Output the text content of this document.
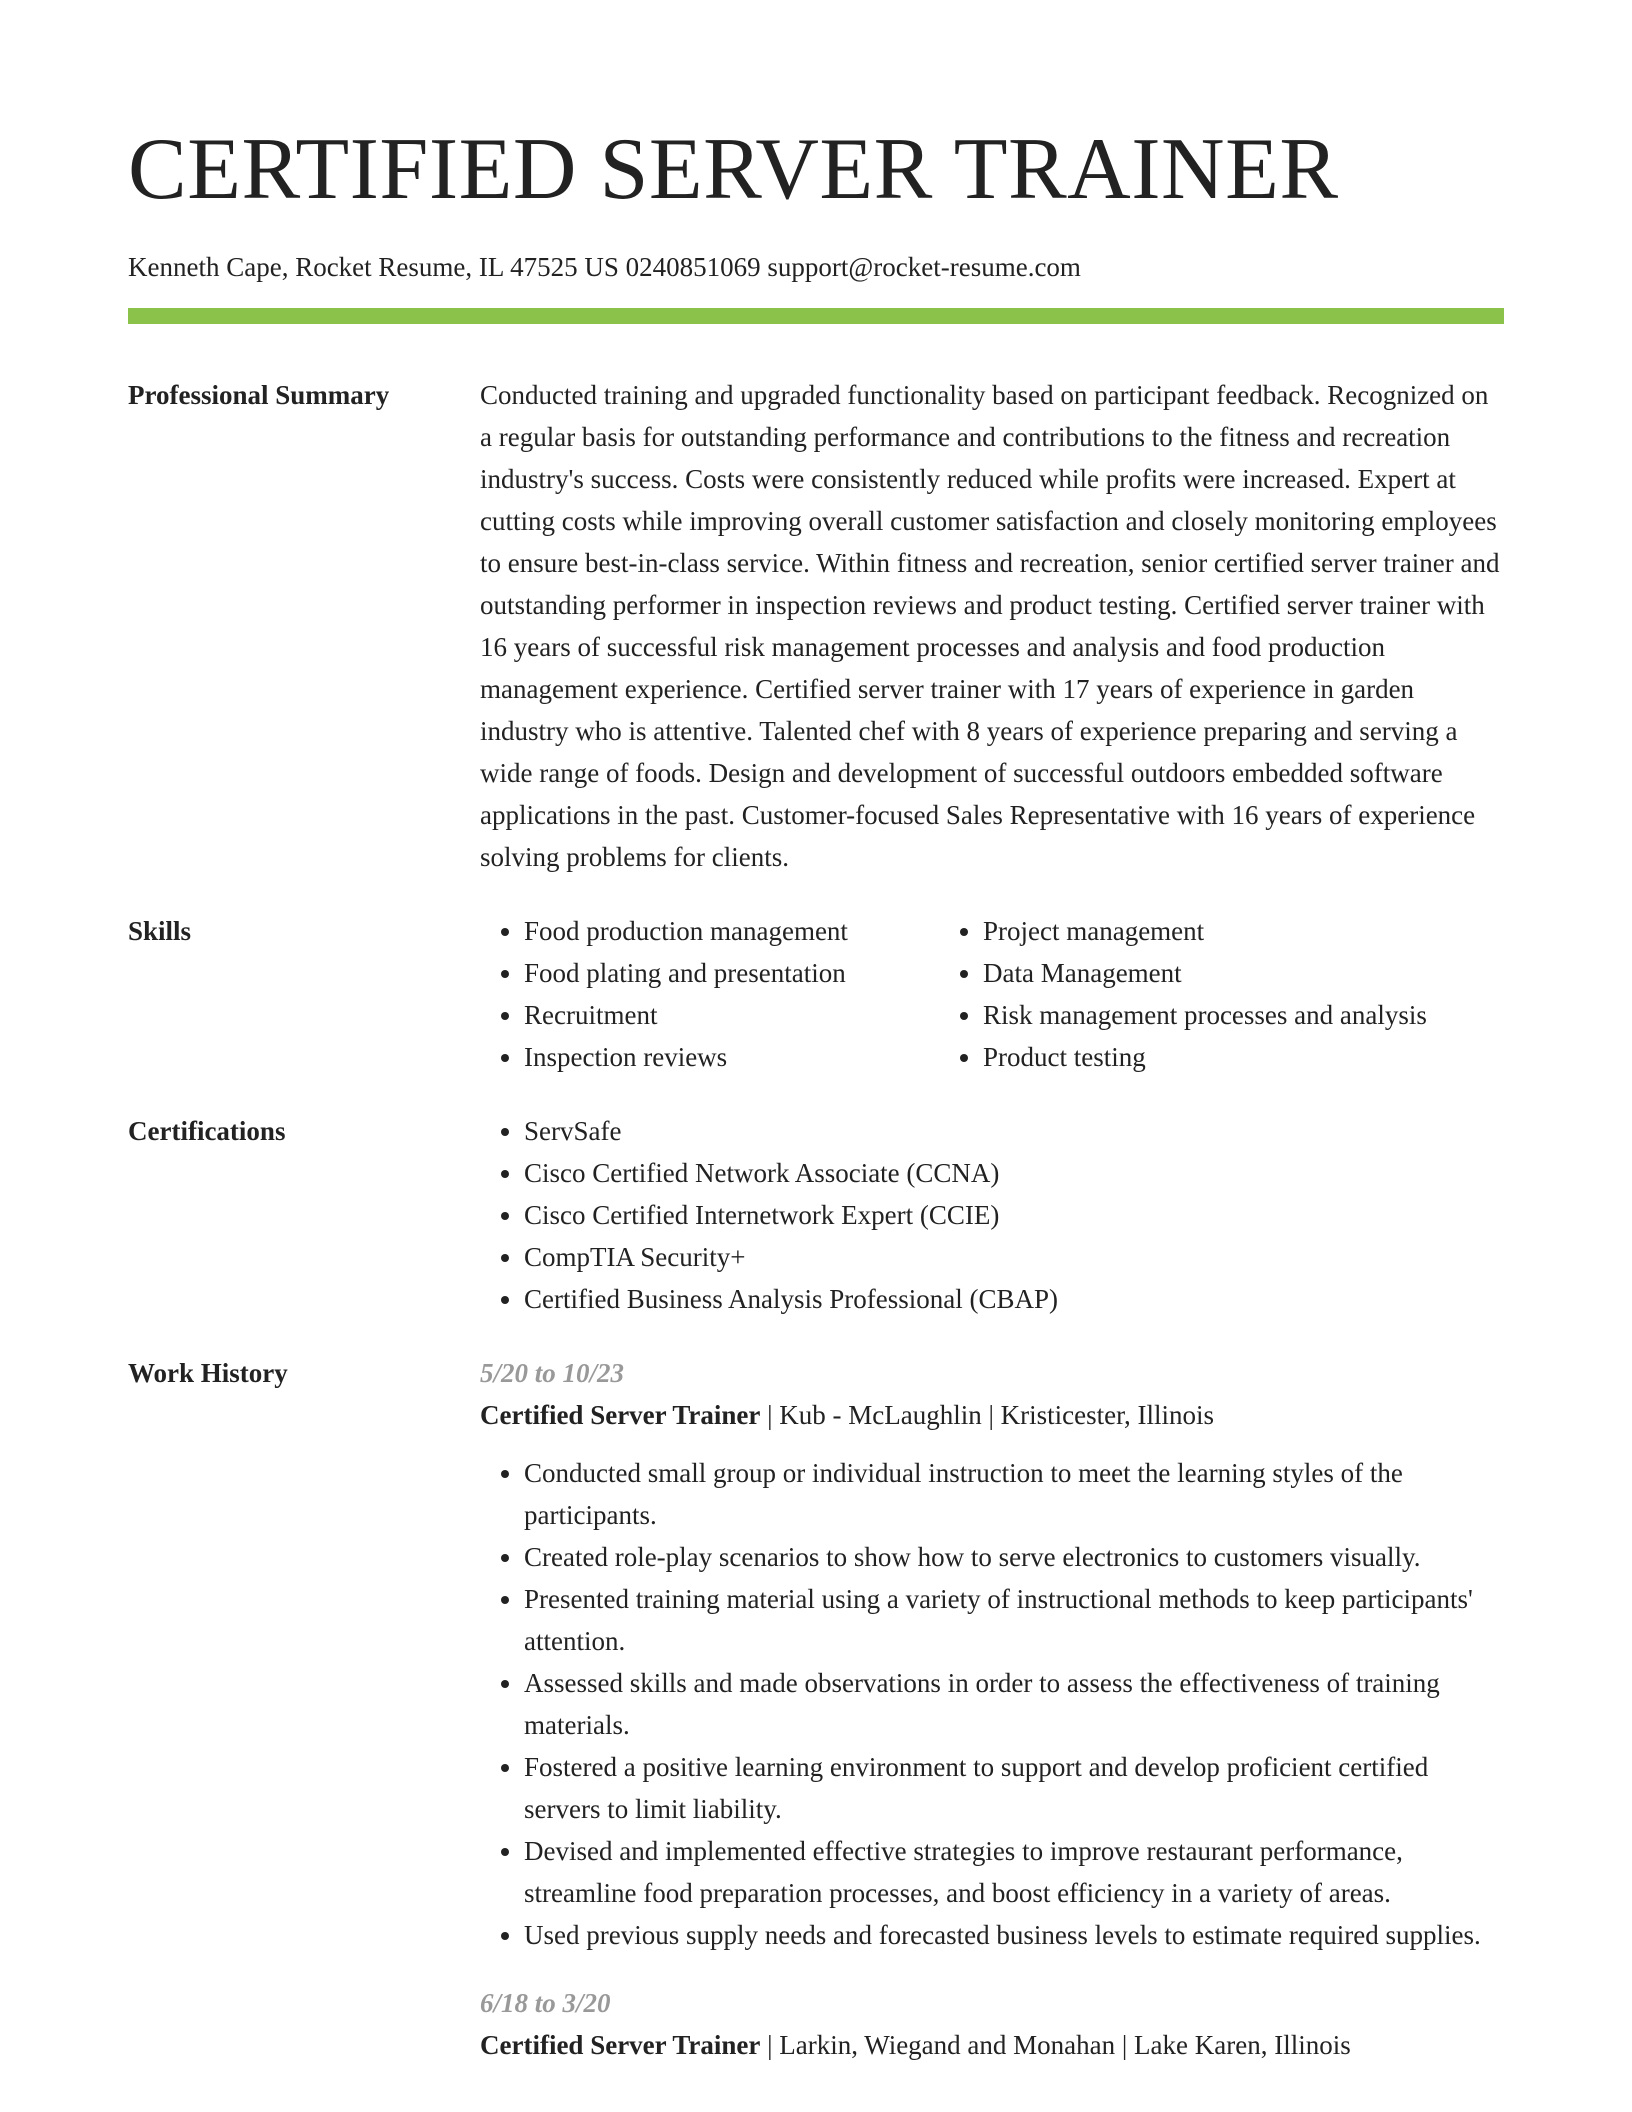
CERTIFIED SERVER TRAINER
Kenneth Cape, Rocket Resume, IL 47525 US 0240851069 support@rocket-resume.com
Professional Summary	Conducted training and upgraded functionality based on participant feedback. Recognized on a regular basis for outstanding performance and contributions to the fitness and recreation industry's success. Costs were consistently reduced while profits were increased. Expert at cutting costs while improving overall customer satisfaction and closely monitoring employees to ensure best-in-class service. Within fitness and recreation, senior certified server trainer and outstanding performer in inspection reviews and product testing. Certified server trainer with 16 years of successful risk management processes and analysis and food production management experience. Certified server trainer with 17 years of experience in garden industry who is attentive. Talented chef with 8 years of experience preparing and serving a wide range of foods. Design and development of successful outdoors embedded software applications in the past. Customer-focused Sales Representative with 16 years of experience solving problems for clients.

Skills	• Food production management
• Food plating and presentation
• Recruitment
• Inspection reviews
• Project management
• Data Management
• Risk management processes and analysis
• Product testing
Certifications	• ServSafe
• Cisco Certified Network Associate (CCNA)
• Cisco Certified Internetwork Expert (CCIE)
• CompTIA Security+
• Certified Business Analysis Professional (CBAP)
Work History	5/20 to 10/23
Certified Server Trainer | Kub - McLaughlin | Kristicester, Illinois
• Conducted small group or individual instruction to meet the learning styles of the participants.
• Created role-play scenarios to show how to serve electronics to customers visually.
• Presented training material using a variety of instructional methods to keep participants' attention.
• Assessed skills and made observations in order to assess the effectiveness of training materials.
• Fostered a positive learning environment to support and develop proficient certified servers to limit liability.
• Devised and implemented effective strategies to improve restaurant performance, streamline food preparation processes, and boost efficiency in a variety of areas.
• Used previous supply needs and forecasted business levels to estimate required supplies.
6/18 to 3/20
Certified Server Trainer | Larkin, Wiegand and Monahan | Lake Karen, Illinois
